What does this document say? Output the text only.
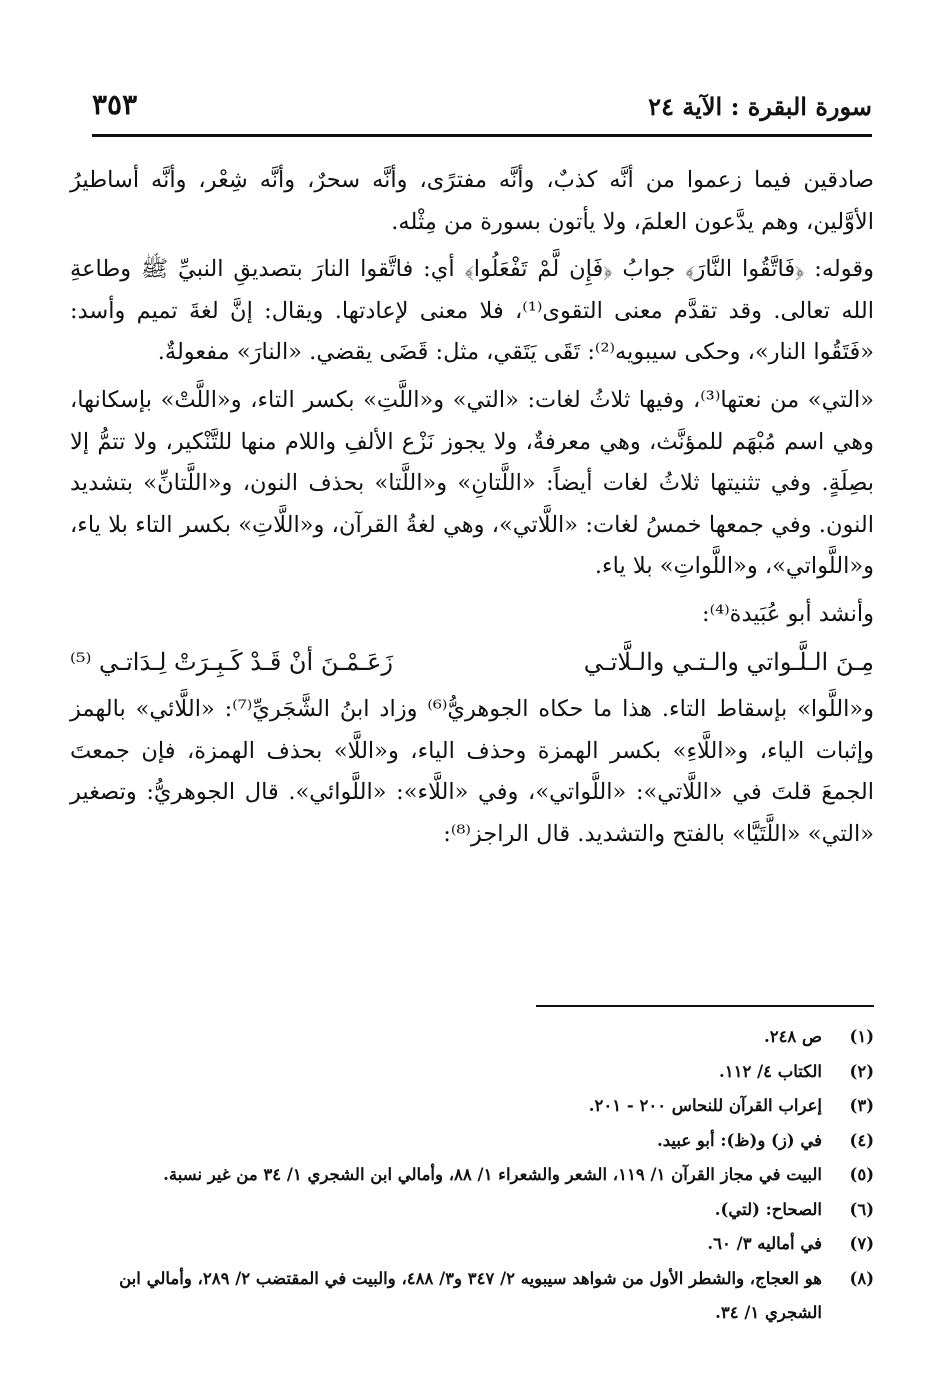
سورة البقرة : الآية ٢٤
٣٥٣

صادقين فيما زعموا من أنَّه كذبٌ، وأنَّه مفترًى، وأنَّه سحرٌ، وأنَّه شِعْر، وأنَّه أساطيرُ الأوَّلين، وهم يدَّعون العلمَ، ولا يأتون بسورة من مِثْله.

وقوله: ﴿فَاتَّقُوا النَّارَ﴾ جوابُ ﴿فَإِن لَّمْ تَفْعَلُوا﴾ أي: فاتَّقوا النارَ بتصديقِ النبيِّ ﷺ وطاعةِ الله تعالى. وقد تقدَّم معنى التقوى⁽¹⁾، فلا معنى لإعادتها. ويقال: إنَّ لغةَ تميم وأسد: «فَتَقُوا النار»، وحكى سيبويه⁽²⁾: تَقَى يَتَقي، مثل: قَضَى يقضي. «النارَ» مفعولةٌ.

«التي» من نعتها⁽³⁾، وفيها ثلاثُ لغات: «التي» و«اللَّتِ» بكسر التاء، و«اللَّتْ» بإسكانها، وهي اسم مُبْهَم للمؤنَّث، وهي معرفةٌ، ولا يجوز نَزْع الألفِ واللام منها للتَّنْكير، ولا تتمُّ إلا بصِلَةٍ. وفي تثنيتها ثلاثُ لغات أيضاً: «اللَّتانِ» و«اللَّتا» بحذف النون، و«اللَّتانِّ» بتشديد النون. وفي جمعها خمسُ لغات: «اللَّاتي»، وهي لغةُ القرآن، و«اللَّاتِ» بكسر التاء بلا ياء، و«اللَّواتي»، و«اللَّواتِ» بلا ياء.

وأنشد أبو عُبَيدة⁽⁴⁾:

مِـنَ الـلَّـواتي والـتـي والـلَّاتـي
زَعَـمْـنَ أنْ قَـدْ كَـبِـرَتْ لِـدَاتـي ⁽⁵⁾

و«اللَّوا» بإسقاط التاء. هذا ما حكاه الجوهريُّ⁽⁶⁾ وزاد ابنُ الشَّجَريِّ⁽⁷⁾: «اللَّائي» بالهمز وإثبات الياء، و«اللَّاءِ» بكسر الهمزة وحذف الياء، و«اللَّا» بحذف الهمزة، فإن جمعتَ الجمعَ قلتَ في «اللَّاتي»: «اللَّواتي»، وفي «اللَّاء»: «اللَّوائي». قال الجوهريُّ: وتصغير «التي» «اللَّتَيَّا» بالفتح والتشديد. قال الراجز⁽⁸⁾:

(١)
ص ٢٤٨.
(٢)
الكتاب ٤/ ١١٢.
(٣)
إعراب القرآن للنحاس ٢٠٠ - ٢٠١.
(٤)
في (ز) و(ظ): أبو عبيد.
(٥)
البيت في مجاز القرآن ١/ ١١٩، الشعر والشعراء ١/ ٨٨، وأمالي ابن الشجري ١/ ٣٤ من غير نسبة.
(٦)
الصحاح: (لتي).
(٧)
في أماليه ٣/ ٦٠.
(٨)
هو العجاج، والشطر الأول من شواهد سيبويه ٢/ ٣٤٧ و٣/ ٤٨٨، والبيت في المقتضب ٢/ ٢٨٩، وأمالي ابن الشجري ١/ ٣٤.
